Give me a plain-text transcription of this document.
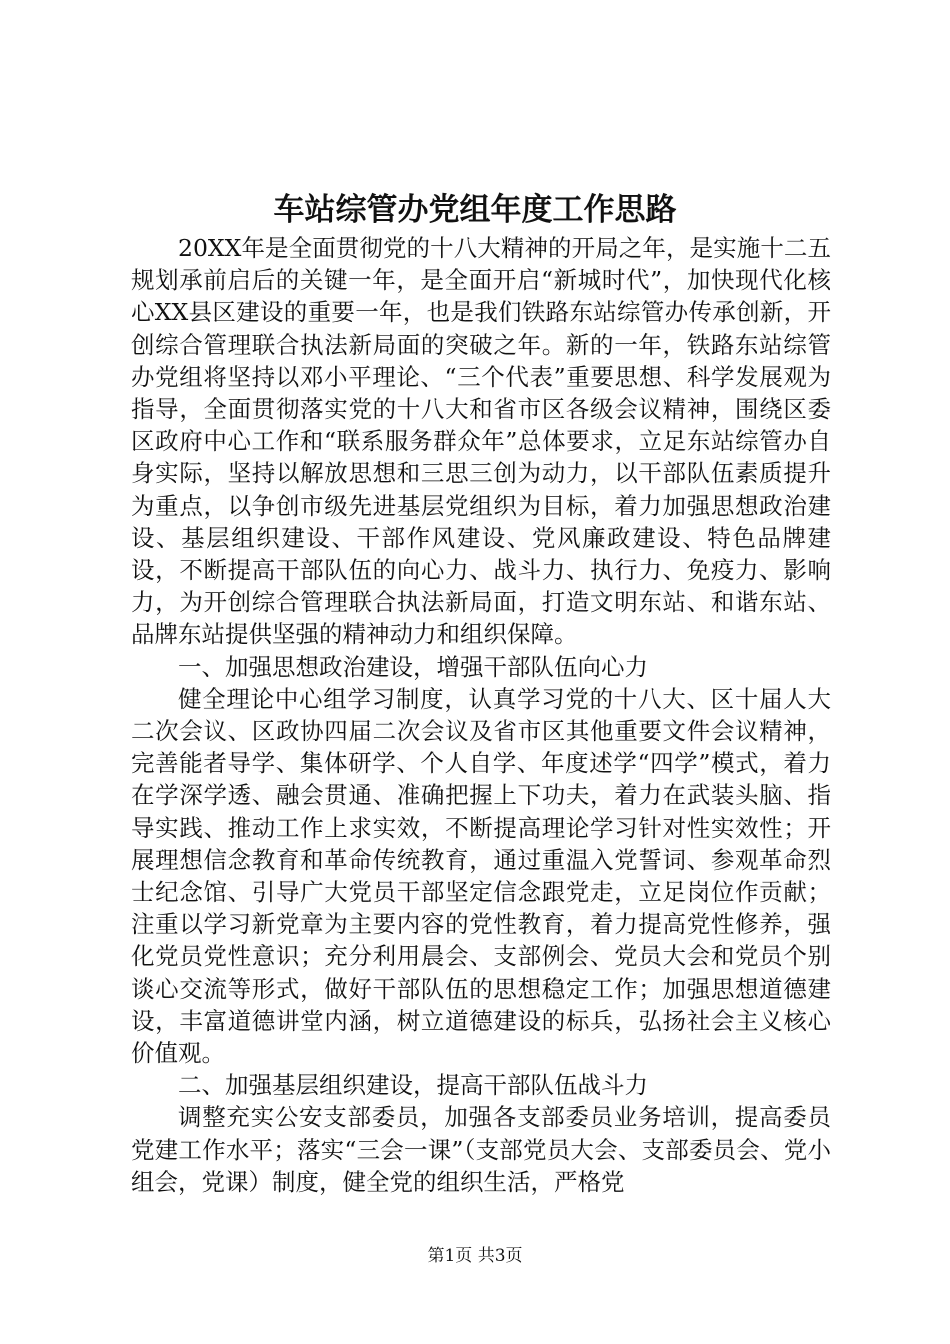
车站综管办党组年度工作思路

20XX年是全面贯彻党的十八大精神的开局之年，是实施十二五规划承前启后的关键一年，是全面开启“新城时代”，加快现代化核心XX县区建设的重要一年，也是我们铁路东站综管办传承创新，开创综合管理联合执法新局面的突破之年。新的一年，铁路东站综管办党组将坚持以邓小平理论、“三个代表”重要思想、科学发展观为指导，全面贯彻落实党的十八大和省市区各级会议精神，围绕区委区政府中心工作和“联系服务群众年”总体要求，立足东站综管办自身实际，坚持以解放思想和三思三创为动力，以干部队伍素质提升为重点，以争创市级先进基层党组织为目标，着力加强思想政治建设、基层组织建设、干部作风建设、党风廉政建设、特色品牌建设，不断提高干部队伍的向心力、战斗力、执行力、免疫力、影响力，为开创综合管理联合执法新局面，打造文明东站、和谐东站、品牌东站提供坚强的精神动力和组织保障。

一、加强思想政治建设，增强干部队伍向心力

健全理论中心组学习制度，认真学习党的十八大、区十届人大二次会议、区政协四届二次会议及省市区其他重要文件会议精神，完善能者导学、集体研学、个人自学、年度述学“四学”模式，着力在学深学透、融会贯通、准确把握上下功夫，着力在武装头脑、指导实践、推动工作上求实效，不断提高理论学习针对性实效性；开展理想信念教育和革命传统教育，通过重温入党誓词、参观革命烈士纪念馆、引导广大党员干部坚定信念跟党走，立足岗位作贡献；注重以学习新党章为主要内容的党性教育，着力提高党性修养，强化党员党性意识；充分利用晨会、支部例会、党员大会和党员个别谈心交流等形式，做好干部队伍的思想稳定工作；加强思想道德建设，丰富道德讲堂内涵，树立道德建设的标兵，弘扬社会主义核心价值观。

二、加强基层组织建设，提高干部队伍战斗力

调整充实公安支部委员，加强各支部委员业务培训，提高委员党建工作水平；落实“三会一课”（支部党员大会、支部委员会、党小组会，党课）制度，健全党的组织生活，严格党

第1页 共3页
